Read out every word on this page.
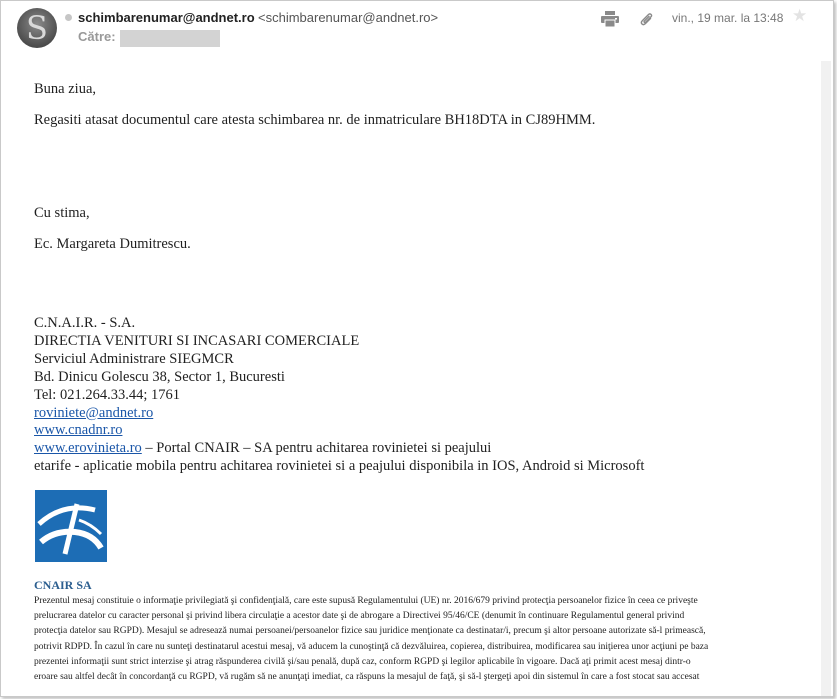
S	schimbarenumar@andnet.ro <schimbarenumar@andnet.ro>
Către:
vin., 19 mar. la 13:48 ★

Buna ziua,

Regasiti atasat documentul care atesta schimbarea nr. de inmatriculare BH18DTA in CJ89HMM.

Cu stima,

Ec. Margareta Dumitrescu.

C.N.A.I.R. - S.A.
DIRECTIA VENITURI SI INCASARI COMERCIALE
Serviciul Administrare SIEGMCR
Bd. Dinicu Golescu 38, Sector 1, Bucuresti
Tel: 021.264.33.44; 1761
roviniete@andnet.ro
www.cnadnr.ro
www.erovinieta.ro – Portal CNAIR – SA pentru achitarea rovinietei si peajului
etarife - aplicatie mobila pentru achitarea rovinietei si a peajului disponibila in IOS, Android si Microsoft
CNAIR SA
Prezentul mesaj constituie o informaţie privilegiată şi confidenţială, care este supusă Regulamentului (UE) nr. 2016/679 privind protecţia persoanelor fizice în ceea ce priveşte
prelucrarea datelor cu caracter personal şi privind libera circulaţie a acestor date şi de abrogare a Directivei 95/46/CE (denumit în continuare Regulamentul general privind
protecţia datelor sau RGPD). Mesajul se adresează numai persoanei/persoanelor fizice sau juridice menţionate ca destinatar/i, precum şi altor persoane autorizate să-l primească,
potrivit RDPD. În cazul în care nu sunteţi destinatarul acestui mesaj, vă aducem la cunoştinţă că dezvăluirea, copierea, distribuirea, modificarea sau iniţierea unor acţiuni pe baza
prezentei informaţii sunt strict interzise şi atrag răspunderea civilă şi/sau penală, după caz, conform RGPD şi legilor aplicabile în vigoare. Dacă aţi primit acest mesaj dintr-o
eroare sau altfel decât în concordanţă cu RGPD, vă rugăm să ne anunţaţi imediat, ca răspuns la mesajul de faţă, şi să-l ştergeţi apoi din sistemul în care a fost stocat sau accesat
